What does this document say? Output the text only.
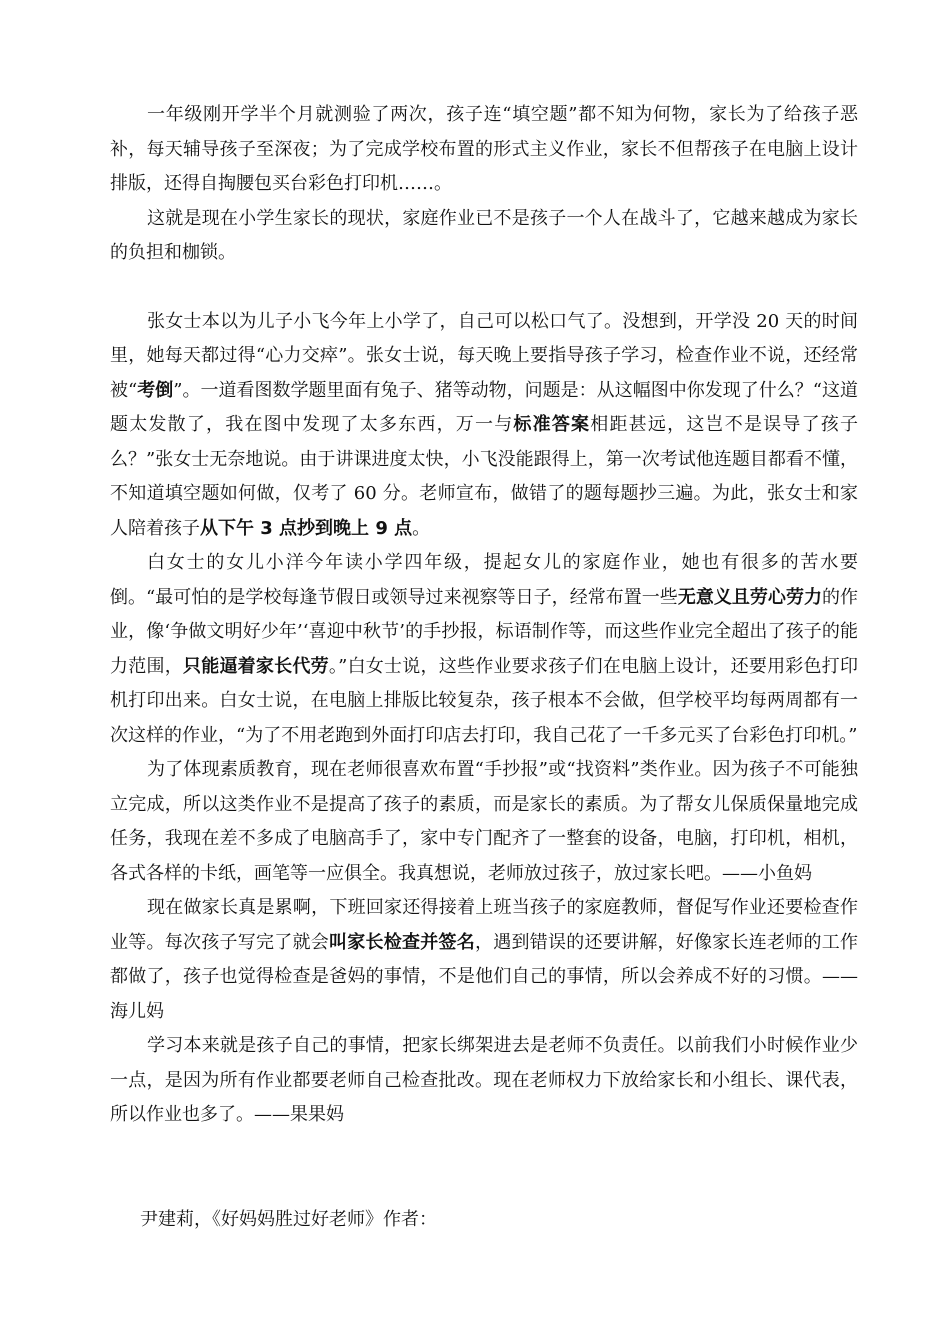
一年级刚开学半个月就测验了两次，孩子连“填空题”都不知为何物，家长为了给孩子恶补，每天辅导孩子至深夜；为了完成学校布置的形式主义作业，家长不但帮孩子在电脑上设计排版，还得自掏腰包买台彩色打印机……。

这就是现在小学生家长的现状，家庭作业已不是孩子一个人在战斗了，它越来越成为家长的负担和枷锁。

张女士本以为儿子小飞今年上小学了，自己可以松口气了。没想到，开学没 20 天的时间里，她每天都过得“心力交瘁”。张女士说，每天晚上要指导孩子学习，检查作业不说，还经常被“考倒”。一道看图数学题里面有兔子、猪等动物，问题是：从这幅图中你发现了什么？“这道题太发散了，我在图中发现了太多东西，万一与标准答案相距甚远，这岂不是误导了孩子么？”张女士无奈地说。由于讲课进度太快，小飞没能跟得上，第一次考试他连题目都看不懂，不知道填空题如何做，仅考了 60 分。老师宣布，做错了的题每题抄三遍。为此，张女士和家人陪着孩子从下午 3 点抄到晚上 9 点。

白女士的女儿小洋今年读小学四年级，提起女儿的家庭作业，她也有很多的苦水要倒。“最可怕的是学校每逢节假日或领导过来视察等日子，经常布置一些无意义且劳心劳力的作业，像‘争做文明好少年’‘喜迎中秋节’的手抄报，标语制作等，而这些作业完全超出了孩子的能力范围，只能逼着家长代劳。”白女士说，这些作业要求孩子们在电脑上设计，还要用彩色打印机打印出来。白女士说，在电脑上排版比较复杂，孩子根本不会做，但学校平均每两周都有一次这样的作业，“为了不用老跑到外面打印店去打印，我自己花了一千多元买了台彩色打印机。”

为了体现素质教育，现在老师很喜欢布置“手抄报”或“找资料”类作业。因为孩子不可能独立完成，所以这类作业不是提高了孩子的素质，而是家长的素质。为了帮女儿保质保量地完成任务，我现在差不多成了电脑高手了，家中专门配齐了一整套的设备，电脑，打印机，相机，各式各样的卡纸，画笔等一应俱全。我真想说，老师放过孩子，放过家长吧。——小鱼妈

现在做家长真是累啊，下班回家还得接着上班当孩子的家庭教师，督促写作业还要检查作业等。每次孩子写完了就会叫家长检查并签名，遇到错误的还要讲解，好像家长连老师的工作都做了，孩子也觉得检查是爸妈的事情，不是他们自己的事情，所以会养成不好的习惯。——海儿妈

学习本来就是孩子自己的事情，把家长绑架进去是老师不负责任。以前我们小时候作业少一点，是因为所有作业都要老师自己检查批改。现在老师权力下放给家长和小组长、课代表，所以作业也多了。——果果妈

尹建莉，《好妈妈胜过好老师》作者：
